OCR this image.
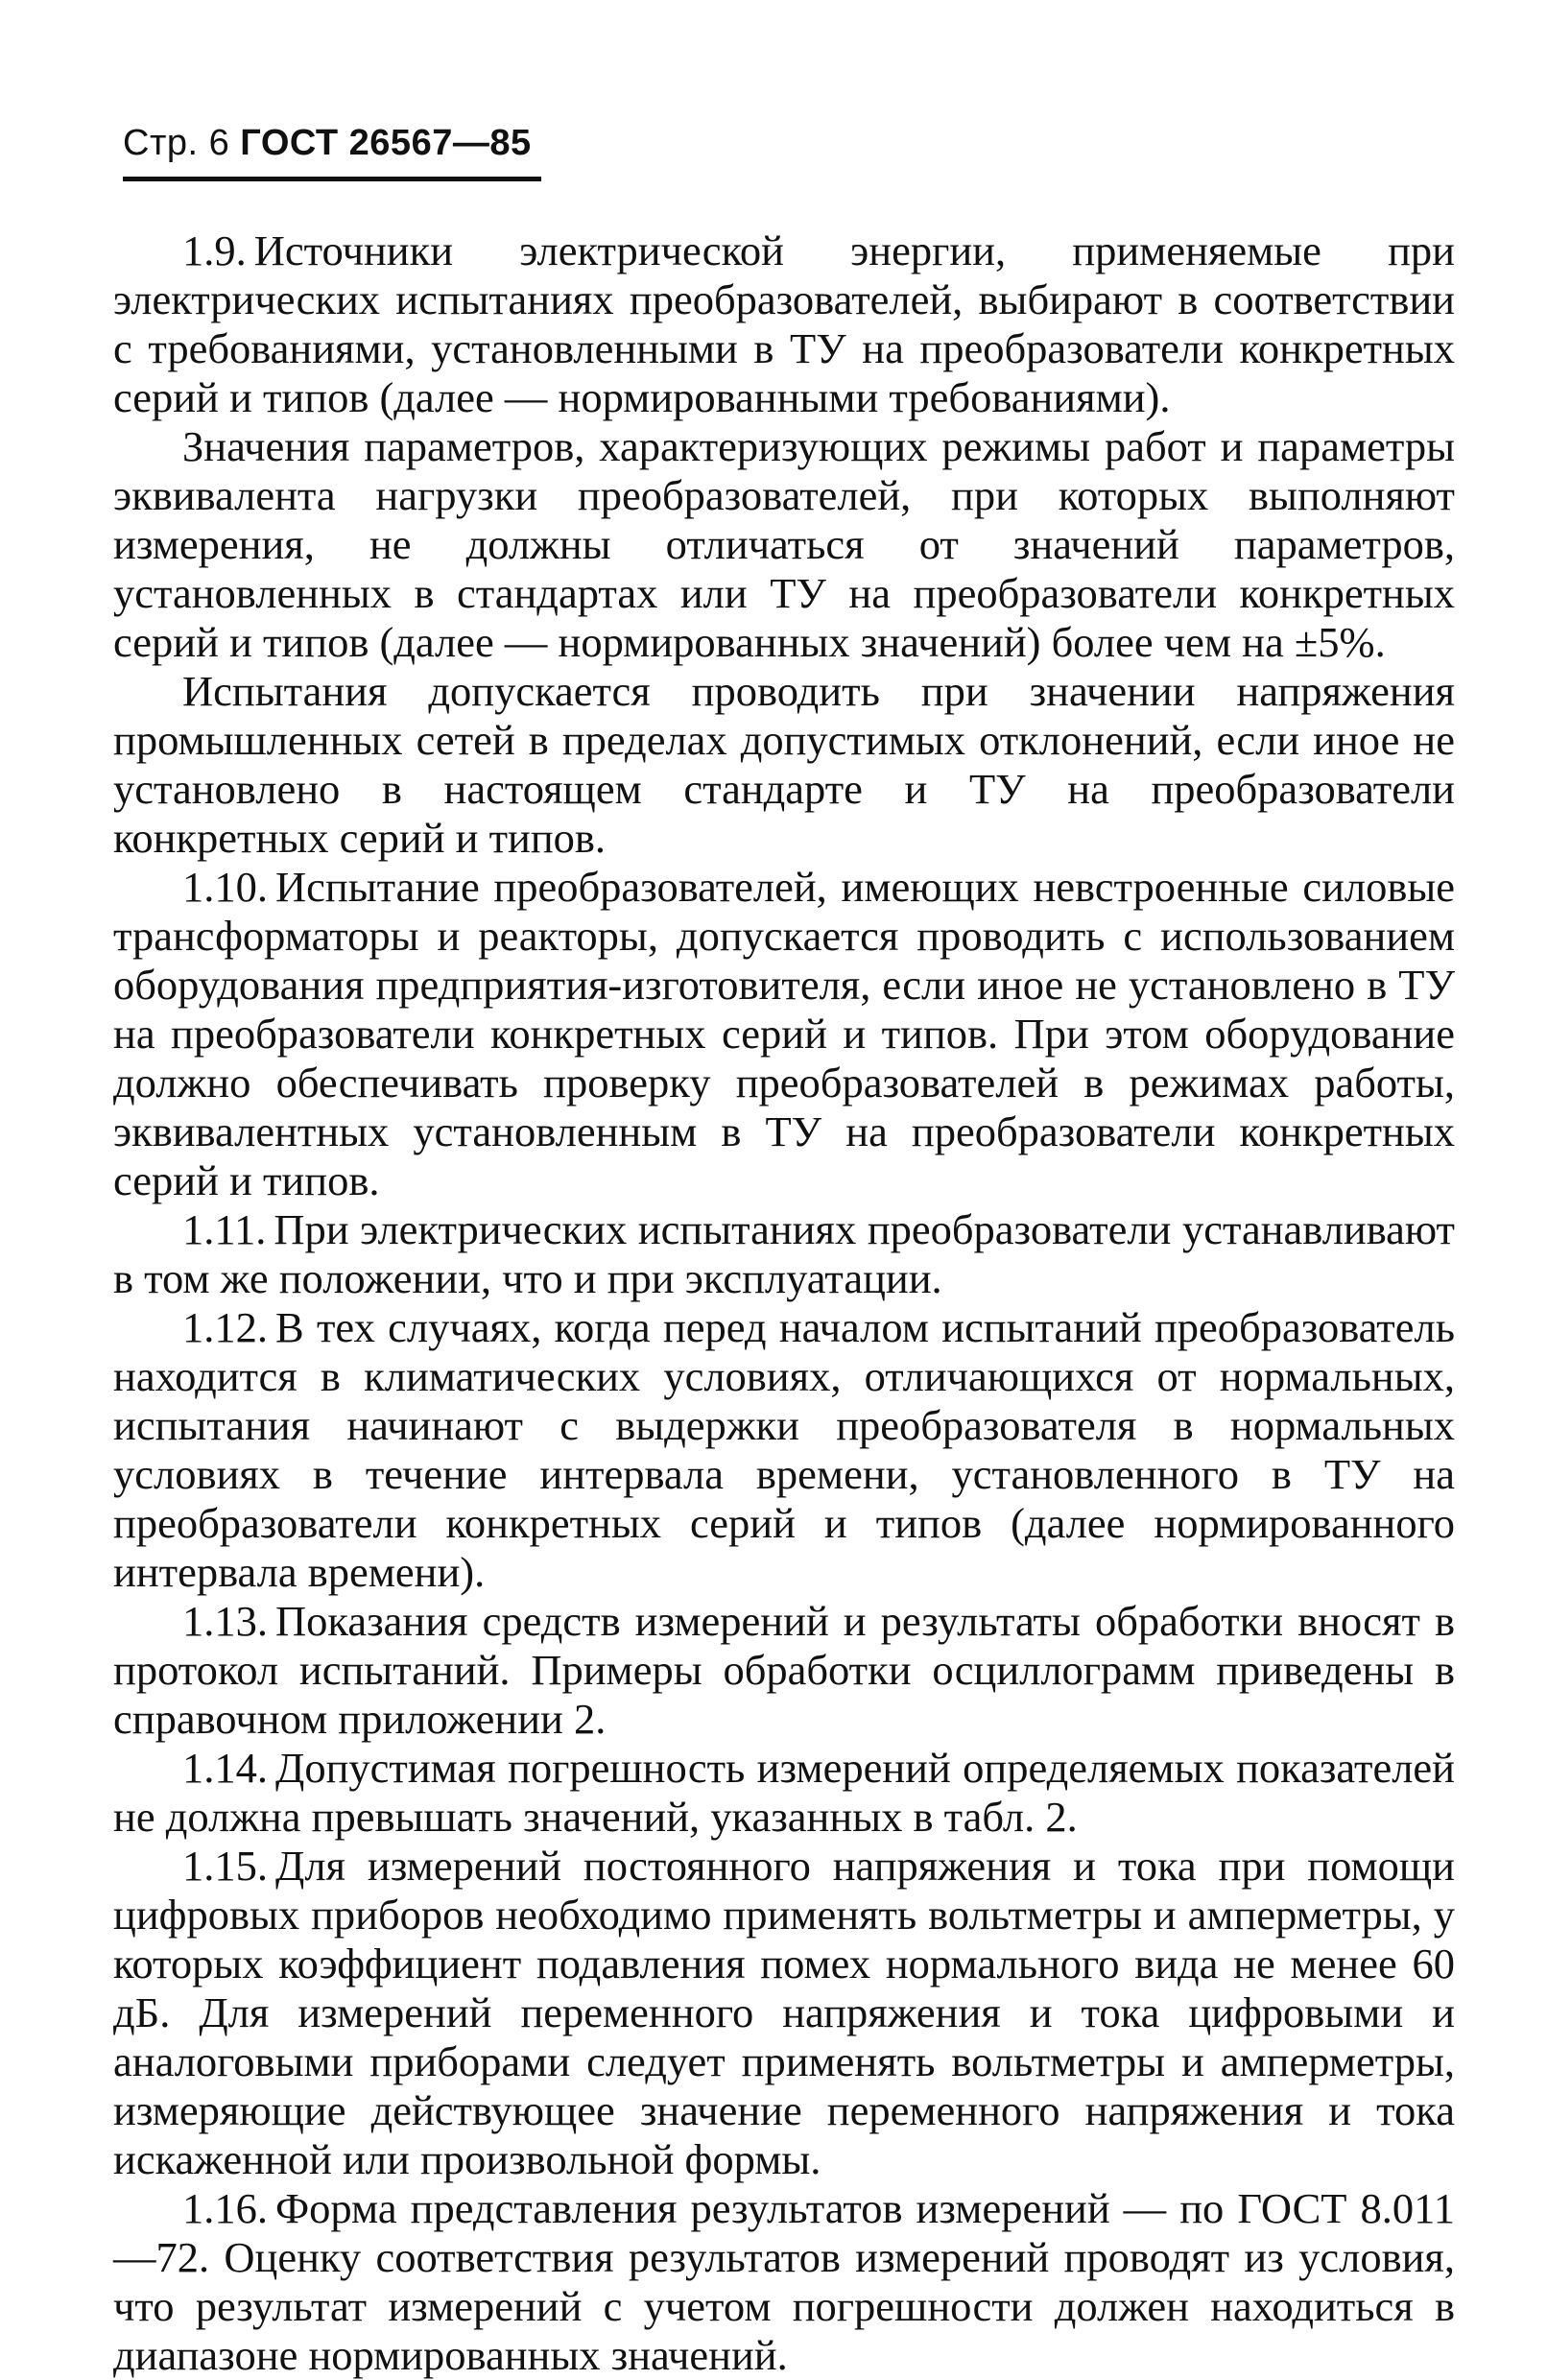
Стр. 6 ГОСТ 26567—85

1.9. Источники электрической энергии, применяемые при электрических испытаниях преобразователей, выбирают в соответствии с требованиями, установленными в ТУ на преобразователи конкретных серий и типов (далее — нормированными требованиями).

Значения параметров, характеризующих режимы работ и параметры эквивалента нагрузки преобразователей, при которых выполняют измерения, не должны отличаться от значений параметров, установленных в стандартах или ТУ на преобразователи конкретных серий и типов (далее — нормированных значений) более чем на ±5%.

Испытания допускается проводить при значении напряжения промышленных сетей в пределах допустимых отклонений, если иное не установлено в настоящем стандарте и ТУ на преобразователи конкретных серий и типов.

1.10. Испытание преобразователей, имеющих невстроенные силовые трансформаторы и реакторы, допускается проводить с использованием оборудования предприятия-изготовителя, если иное не установлено в ТУ на преобразователи конкретных серий и типов. При этом оборудование должно обеспечивать проверку преобразователей в режимах работы, эквивалентных установленным в ТУ на преобразователи конкретных серий и типов.

1.11. При электрических испытаниях преобразователи устанавливают в том же положении, что и при эксплуатации.

1.12. В тех случаях, когда перед началом испытаний преобразователь находится в климатических условиях, отличающихся от нормальных, испытания начинают с выдержки преобразователя в нормальных условиях в течение интервала времени, установленного в ТУ на преобразователи конкретных серий и типов (далее нормированного интервала времени).

1.13. Показания средств измерений и результаты обработки вносят в протокол испытаний. Примеры обработки осциллограмм приведены в справочном приложении 2.

1.14. Допустимая погрешность измерений определяемых показателей не должна превышать значений, указанных в табл. 2.

1.15. Для измерений постоянного напряжения и тока при помощи цифровых приборов необходимо применять вольтметры и амперметры, у которых коэффициент подавления помех нормального вида не менее 60 дБ. Для измерений переменного напряжения и тока цифровыми и аналоговыми приборами следует применять вольтметры и амперметры, измеряющие действующее значение переменного напряжения и тока искаженной или произвольной формы.

1.16. Форма представления результатов измерений — по ГОСТ 8.011—72. Оценку соответствия результатов измерений проводят из условия, что результат измерений с учетом погрешности должен находиться в диапазоне нормированных значений.
